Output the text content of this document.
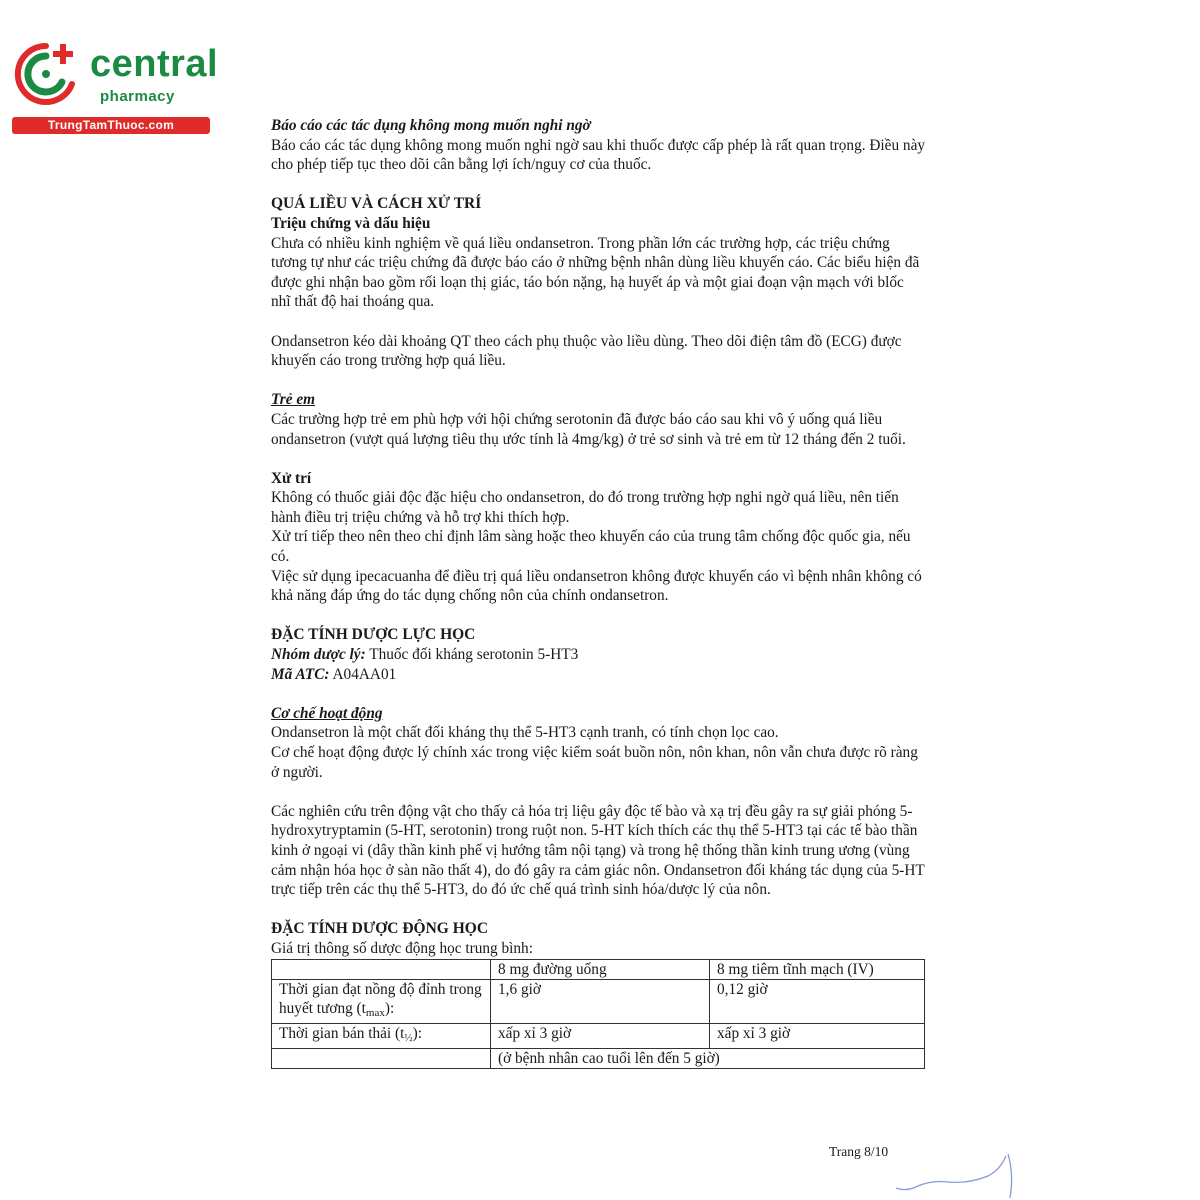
central
pharmacy
TrungTamThuoc.com	Báo cáo các tác dụng không mong muốn nghi ngờ

Báo cáo các tác dụng không mong muốn nghi ngờ sau khi thuốc được cấp phép là rất quan trọng. Điều này cho phép tiếp tục theo dõi cân bằng lợi ích/nguy cơ của thuốc.

QUÁ LIỀU VÀ CÁCH XỬ TRÍ

Triệu chứng và dấu hiệu

Chưa có nhiều kinh nghiệm về quá liều ondansetron. Trong phần lớn các trường hợp, các triệu chứng tương tự như các triệu chứng đã được báo cáo ở những bệnh nhân dùng liều khuyến cáo. Các biểu hiện đã được ghi nhận bao gồm rối loạn thị giác, táo bón nặng, hạ huyết áp và một giai đoạn vận mạch với blốc nhĩ thất độ hai thoáng qua.

Ondansetron kéo dài khoảng QT theo cách phụ thuộc vào liều dùng. Theo dõi điện tâm đồ (ECG) được khuyến cáo trong trường hợp quá liều.

Trẻ em

Các trường hợp trẻ em phù hợp với hội chứng serotonin đã được báo cáo sau khi vô ý uống quá liều ondansetron (vượt quá lượng tiêu thụ ước tính là 4mg/kg) ở trẻ sơ sinh và trẻ em từ 12 tháng đến 2 tuổi.

Xử trí

Không có thuốc giải độc đặc hiệu cho ondansetron, do đó trong trường hợp nghi ngờ quá liều, nên tiến hành điều trị triệu chứng và hỗ trợ khi thích hợp.

Xử trí tiếp theo nên theo chỉ định lâm sàng hoặc theo khuyến cáo của trung tâm chống độc quốc gia, nếu có.

Việc sử dụng ipecacuanha để điều trị quá liều ondansetron không được khuyến cáo vì bệnh nhân không có khả năng đáp ứng do tác dụng chống nôn của chính ondansetron.

ĐẶC TÍNH DƯỢC LỰC HỌC

Nhóm dược lý: Thuốc đối kháng serotonin 5-HT3

Mã ATC: A04AA01

Cơ chế hoạt động

Ondansetron là một chất đối kháng thụ thể 5-HT3 cạnh tranh, có tính chọn lọc cao.

Cơ chế hoạt động được lý chính xác trong việc kiểm soát buồn nôn, nôn khan, nôn vẫn chưa được rõ ràng ở người.

Các nghiên cứu trên động vật cho thấy cả hóa trị liệu gây độc tế bào và xạ trị đều gây ra sự giải phóng 5-hydroxytryptamin (5-HT, serotonin) trong ruột non. 5-HT kích thích các thụ thể 5-HT3 tại các tế bào thần kinh ở ngoại vi (dây thần kinh phế vị hướng tâm nội tạng) và trong hệ thống thần kinh trung ương (vùng cảm nhận hóa học ở sàn não thất 4), do đó gây ra cảm giác nôn. Ondansetron đối kháng tác dụng của 5-HT trực tiếp trên các thụ thể 5-HT3, do đó ức chế quá trình sinh hóa/dược lý của nôn.

ĐẶC TÍNH DƯỢC ĐỘNG HỌC

Giá trị thông số dược động học trung bình:

	8 mg đường uống	8 mg tiêm tĩnh mạch (IV)
Thời gian đạt nồng độ đỉnh trong huyết tương $(t_{max})$:	1,6 giờ	0,12 giờ
Thời gian bán thải $(t_{\frac{1}{2}})$:	xấp xỉ 3 giờ	xấp xỉ 3 giờ
	(ở bệnh nhân cao tuổi lên đến 5 giờ)	
Trang 8/10
